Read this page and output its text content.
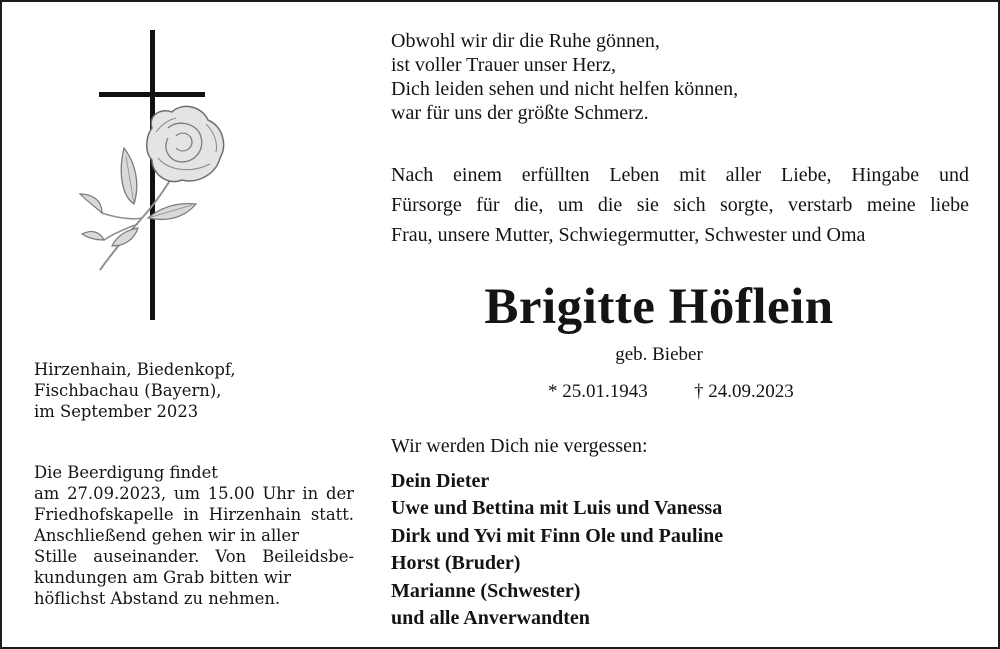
Hirzenhain, Biedenkopf,
Fischbachau (Bayern),
im September 2023
Die Beerdigung findet
am 27.09.2023, um 15.00 Uhr in der
Friedhofskapelle in Hirzenhain statt.
Anschließend gehen wir in aller
Stille auseinander. Von Beileidsbe-
kundungen am Grab bitten wir
höflichst Abstand zu nehmen.
Obwohl wir dir die Ruhe gönnen,
ist voller Trauer unser Herz,
Dich leiden sehen und nicht helfen können,
war für uns der größte Schmerz.
Nach einem erfüllten Leben mit aller Liebe, Hingabe und
Fürsorge für die, um die sie sich sorgte, verstarb meine liebe
Frau, unsere Mutter, Schwiegermutter, Schwester und Oma
Brigitte Höflein
geb. Bieber
* 25.01.1943 † 24.09.2023
Wir werden Dich nie vergessen:
Dein Dieter
Uwe und Bettina mit Luis und Vanessa
Dirk und Yvi mit Finn Ole und Pauline
Horst (Bruder)
Marianne (Schwester)
und alle Anverwandten
